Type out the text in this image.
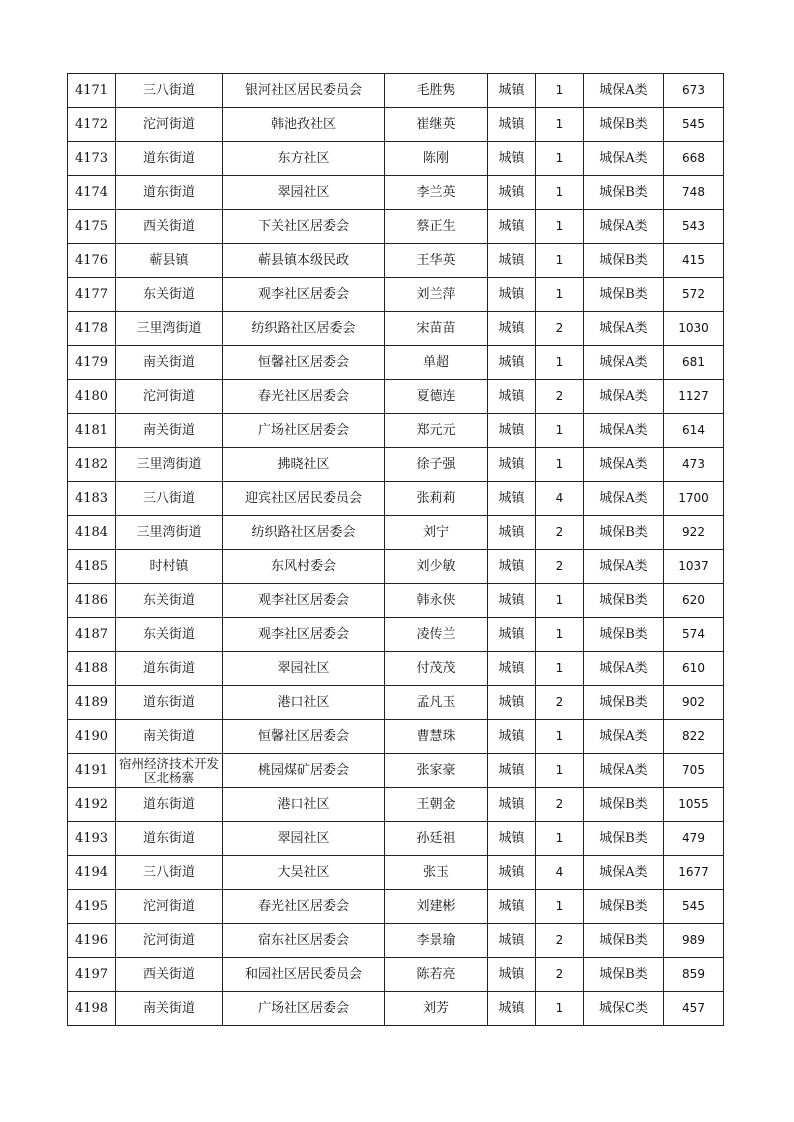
4171	三八街道	银河社区居民委员会	毛胜隽	城镇	1	城保A类	673
4172	沱河街道	韩池孜社区	崔继英	城镇	1	城保B类	545
4173	道东街道	东方社区	陈刚	城镇	1	城保A类	668
4174	道东街道	翠园社区	李兰英	城镇	1	城保B类	748
4175	西关街道	下关社区居委会	蔡正生	城镇	1	城保A类	543
4176	蕲县镇	蕲县镇本级民政	王华英	城镇	1	城保B类	415
4177	东关街道	观李社区居委会	刘兰萍	城镇	1	城保B类	572
4178	三里湾街道	纺织路社区居委会	宋苗苗	城镇	2	城保A类	1030
4179	南关街道	恒馨社区居委会	单超	城镇	1	城保A类	681
4180	沱河街道	春光社区居委会	夏德连	城镇	2	城保A类	1127
4181	南关街道	广场社区居委会	郑元元	城镇	1	城保A类	614
4182	三里湾街道	拂晓社区	徐子强	城镇	1	城保A类	473
4183	三八街道	迎宾社区居民委员会	张莉莉	城镇	4	城保A类	1700
4184	三里湾街道	纺织路社区居委会	刘宁	城镇	2	城保B类	922
4185	时村镇	东风村委会	刘少敏	城镇	2	城保A类	1037
4186	东关街道	观李社区居委会	韩永侠	城镇	1	城保B类	620
4187	东关街道	观李社区居委会	凌传兰	城镇	1	城保B类	574
4188	道东街道	翠园社区	付茂茂	城镇	1	城保A类	610
4189	道东街道	港口社区	孟凡玉	城镇	2	城保B类	902
4190	南关街道	恒馨社区居委会	曹慧珠	城镇	1	城保A类	822
4191	宿州经济技术开发区北杨寨	桃园煤矿居委会	张家豪	城镇	1	城保A类	705
4192	道东街道	港口社区	王朝金	城镇	2	城保B类	1055
4193	道东街道	翠园社区	孙廷祖	城镇	1	城保B类	479
4194	三八街道	大吴社区	张玉	城镇	4	城保A类	1677
4195	沱河街道	春光社区居委会	刘建彬	城镇	1	城保B类	545
4196	沱河街道	宿东社区居委会	李景瑜	城镇	2	城保B类	989
4197	西关街道	和园社区居民委员会	陈若亮	城镇	2	城保B类	859
4198	南关街道	广场社区居委会	刘芳	城镇	1	城保C类	457
